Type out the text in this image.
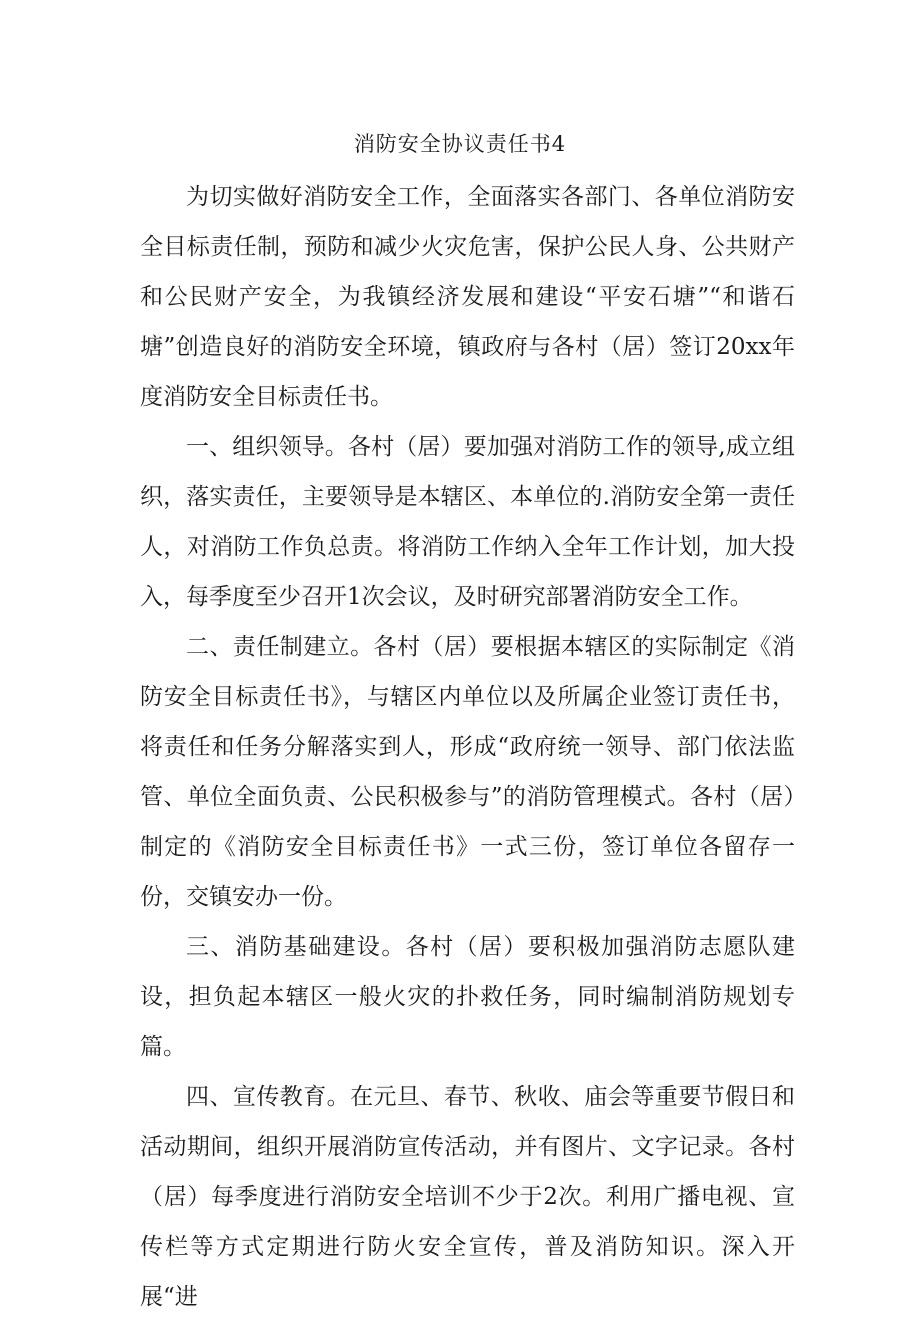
消防安全协议责任书4

为切实做好消防安全工作，全面落实各部门、各单位消防安全目标责任制，预防和减少火灾危害，保护公民人身、公共财产和公民财产安全，为我镇经济发展和建设“平安石塘”“和谐石塘”创造良好的消防安全环境，镇政府与各村（居）签订20xx年度消防安全目标责任书。

一、组织领导。各村（居）要加强对消防工作的领导,成立组织，落实责任，主要领导是本辖区、本单位的.消防安全第一责任人，对消防工作负总责。将消防工作纳入全年工作计划，加大投入，每季度至少召开1次会议，及时研究部署消防安全工作。

二、责任制建立。各村（居）要根据本辖区的实际制定《消防安全目标责任书》，与辖区内单位以及所属企业签订责任书，将责任和任务分解落实到人，形成“政府统一领导、部门依法监管、单位全面负责、公民积极参与”的消防管理模式。各村（居）制定的《消防安全目标责任书》一式三份，签订单位各留存一份，交镇安办一份。

三、消防基础建设。各村（居）要积极加强消防志愿队建设，担负起本辖区一般火灾的扑救任务，同时编制消防规划专篇。

四、宣传教育。在元旦、春节、秋收、庙会等重要节假日和活动期间，组织开展消防宣传活动，并有图片、文字记录。各村（居）每季度进行消防安全培训不少于2次。利用广播电视、宣传栏等方式定期进行防火安全宣传，普及消防知识。深入开展“进
